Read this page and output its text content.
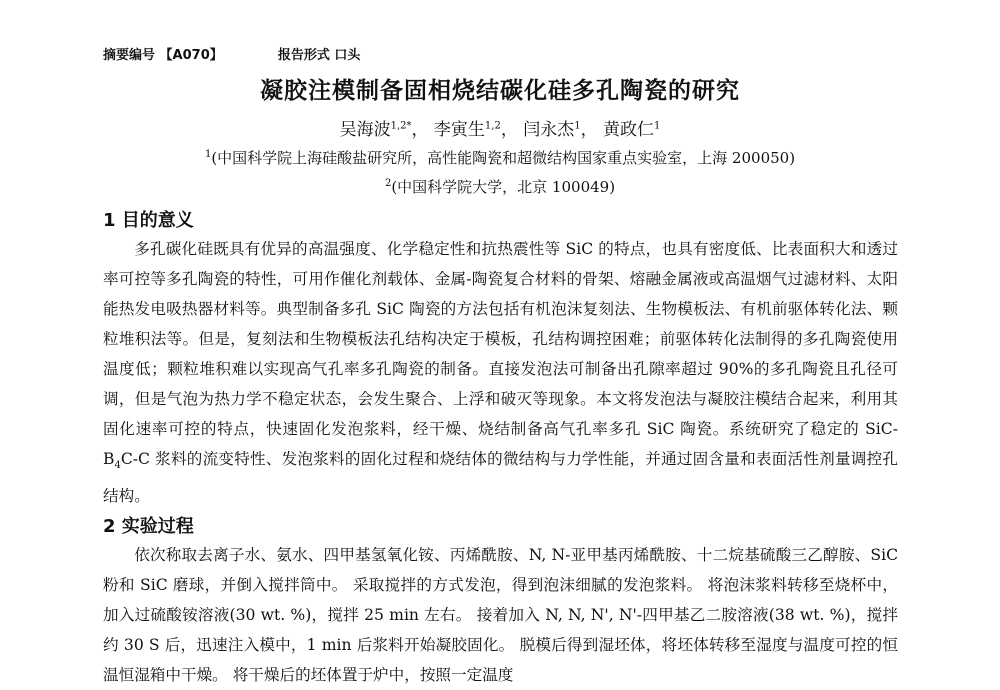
摘要编号 【A070】	报告形式 口头
凝胶注模制备固相烧结碳化硅多孔陶瓷的研究
吴海波$^{1,2*}$， 李寅生$^{1,2}$， 闫永杰$^1$， 黄政仁$^1$
$^1$(中国科学院上海硅酸盐研究所，高性能陶瓷和超微结构国家重点实验室，上海 200050)
$^2$(中国科学院大学，北京 100049)
1 目的意义

多孔碳化硅既具有优异的高温强度、化学稳定性和抗热震性等 SiC 的特点，也具有密度低、比表面积大和透过率可控等多孔陶瓷的特性，可用作催化剂载体、金属-陶瓷复合材料的骨架、熔融金属液或高温烟气过滤材料、太阳能热发电吸热器材料等。典型制备多孔 SiC 陶瓷的方法包括有机泡沫复刻法、生物模板法、有机前驱体转化法、颗粒堆积法等。但是，复刻法和生物模板法孔结构决定于模板，孔结构调控困难；前驱体转化法制得的多孔陶瓷使用温度低；颗粒堆积难以实现高气孔率多孔陶瓷的制备。直接发泡法可制备出孔隙率超过 90%的多孔陶瓷且孔径可调，但是气泡为热力学不稳定状态，会发生聚合、上浮和破灭等现象。本文将发泡法与凝胶注模结合起来，利用其固化速率可控的特点，快速固化发泡浆料，经干燥、烧结制备高气孔率多孔 SiC 陶瓷。系统研究了稳定的 SiC-$B_4C-C$ 浆料的流变特性、发泡浆料的固化过程和烧结体的微结构与力学性能，并通过固含量和表面活性剂量调控孔结构。

2 实验过程

依次称取去离子水、氨水、四甲基氢氧化铵、丙烯酰胺、N, N-亚甲基丙烯酰胺、十二烷基硫酸三乙醇胺、SiC 粉和 SiC 磨球，并倒入搅拌筒中。 采取搅拌的方式发泡，得到泡沫细腻的发泡浆料。 将泡沫浆料转移至烧杯中，加入过硫酸铵溶液(30 wt. %)，搅拌 25 min 左右。 接着加入 N, N, N', N'-四甲基乙二胺溶液(38 wt. %)，搅拌约 30 S 后，迅速注入模中，1 min 后浆料开始凝胶固化。 脱模后得到湿坯体，将坯体转移至湿度与温度可控的恒温恒湿箱中干燥。 将干燥后的坯体置于炉中，按照一定温度
